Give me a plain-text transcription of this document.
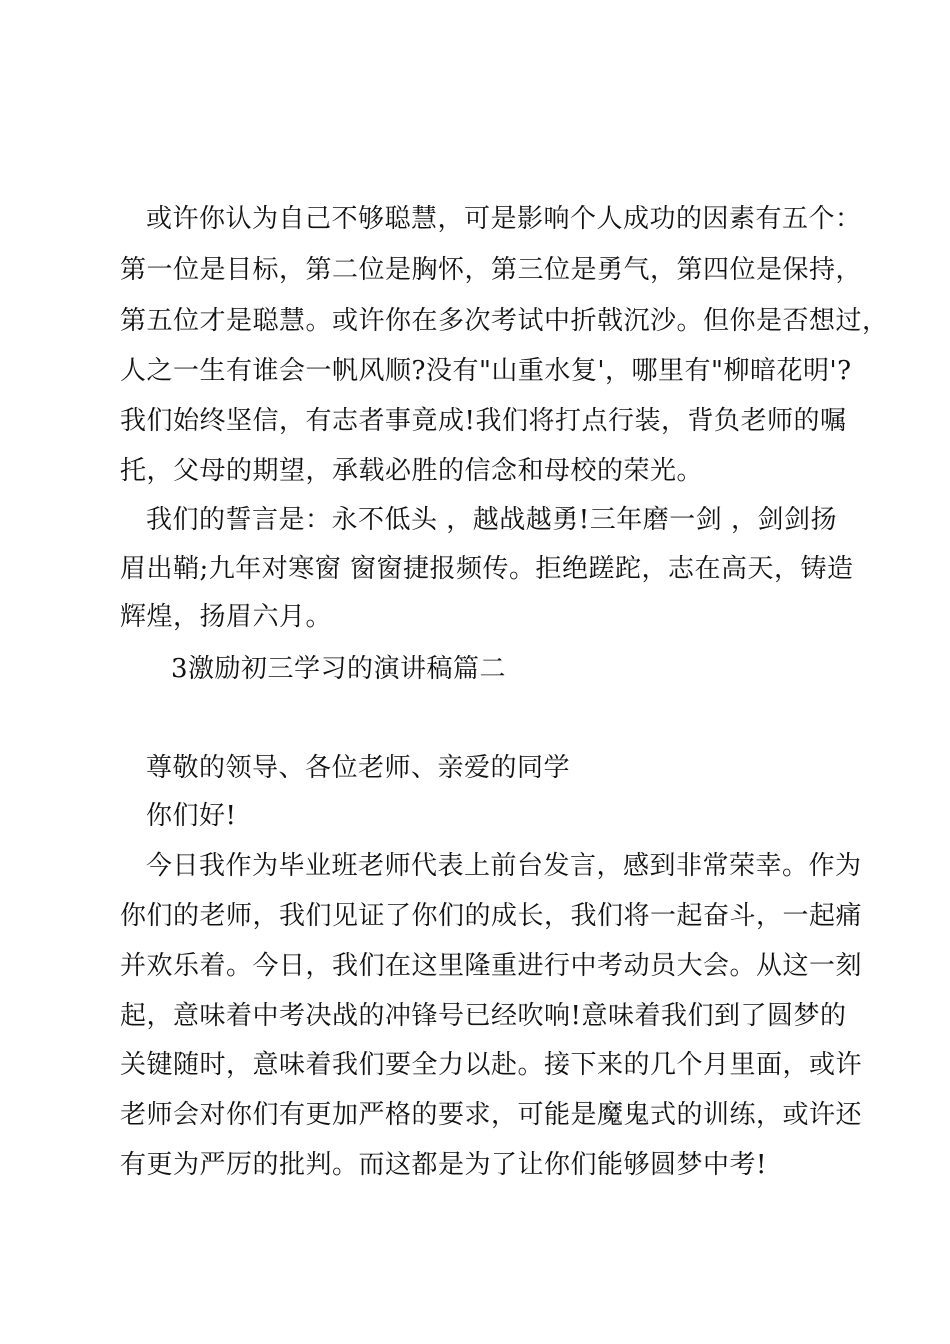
或许你认为自己不够聪慧，可是影响个人成功的因素有五个：
第一位是目标，第二位是胸怀，第三位是勇气，第四位是保持，
第五位才是聪慧。或许你在多次考试中折戟沉沙。但你是否想过，
人之一生有谁会一帆风顺?没有"山重水复'，哪里有"柳暗花明'?
我们始终坚信，有志者事竟成!我们将打点行装，背负老师的嘱
托，父母的期望，承载必胜的信念和母校的荣光。
我们的誓言是：永不低头 ，越战越勇!三年磨一剑 ，剑剑扬
眉出鞘;九年对寒窗 窗窗捷报频传。拒绝蹉跎，志在高天，铸造
辉煌，扬眉六月。
3激励初三学习的演讲稿篇二
尊敬的领导、各位老师、亲爱的同学
你们好!
今日我作为毕业班老师代表上前台发言，感到非常荣幸。作为
你们的老师，我们见证了你们的成长，我们将一起奋斗，一起痛
并欢乐着。今日，我们在这里隆重进行中考动员大会。从这一刻
起，意味着中考决战的冲锋号已经吹响!意味着我们到了圆梦的
关键随时，意味着我们要全力以赴。接下来的几个月里面，或许
老师会对你们有更加严格的要求，可能是魔鬼式的训练，或许还
有更为严厉的批判。而这都是为了让你们能够圆梦中考!
